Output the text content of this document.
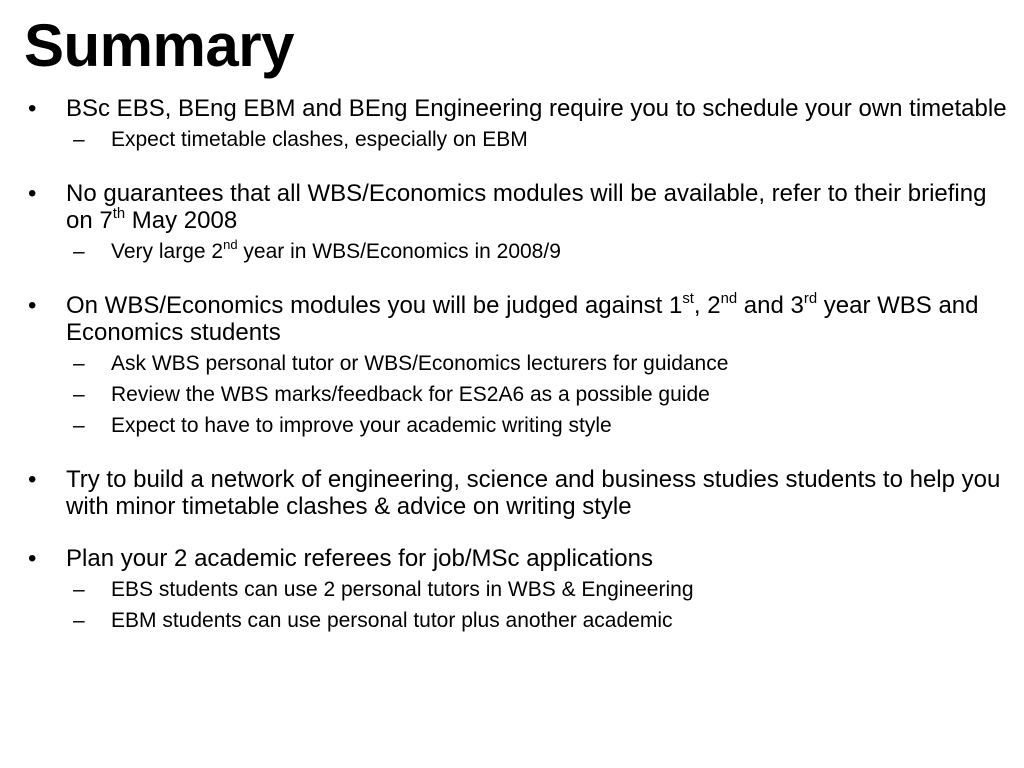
Summary
•	BSc EBS, BEng EBM and BEng Engineering require you to schedule your own timetable
– Expect timetable clashes, especially on EBM
•	No guarantees that all WBS/Economics modules will be available, refer to their briefing on 7th May 2008
– Very large 2nd year in WBS/Economics in 2008/9
•	On WBS/Economics modules you will be judged against 1st, 2nd and 3rd year WBS and Economics students
– Ask WBS personal tutor or WBS/Economics lecturers for guidance
– Review the WBS marks/feedback for ES2A6 as a possible guide
– Expect to have to improve your academic writing style
•	Try to build a network of engineering, science and business studies students to help you with minor timetable clashes & advice on writing style
•	Plan your 2 academic referees for job/MSc applications
– EBS students can use 2 personal tutors in WBS & Engineering
– EBM students can use personal tutor plus another academic
